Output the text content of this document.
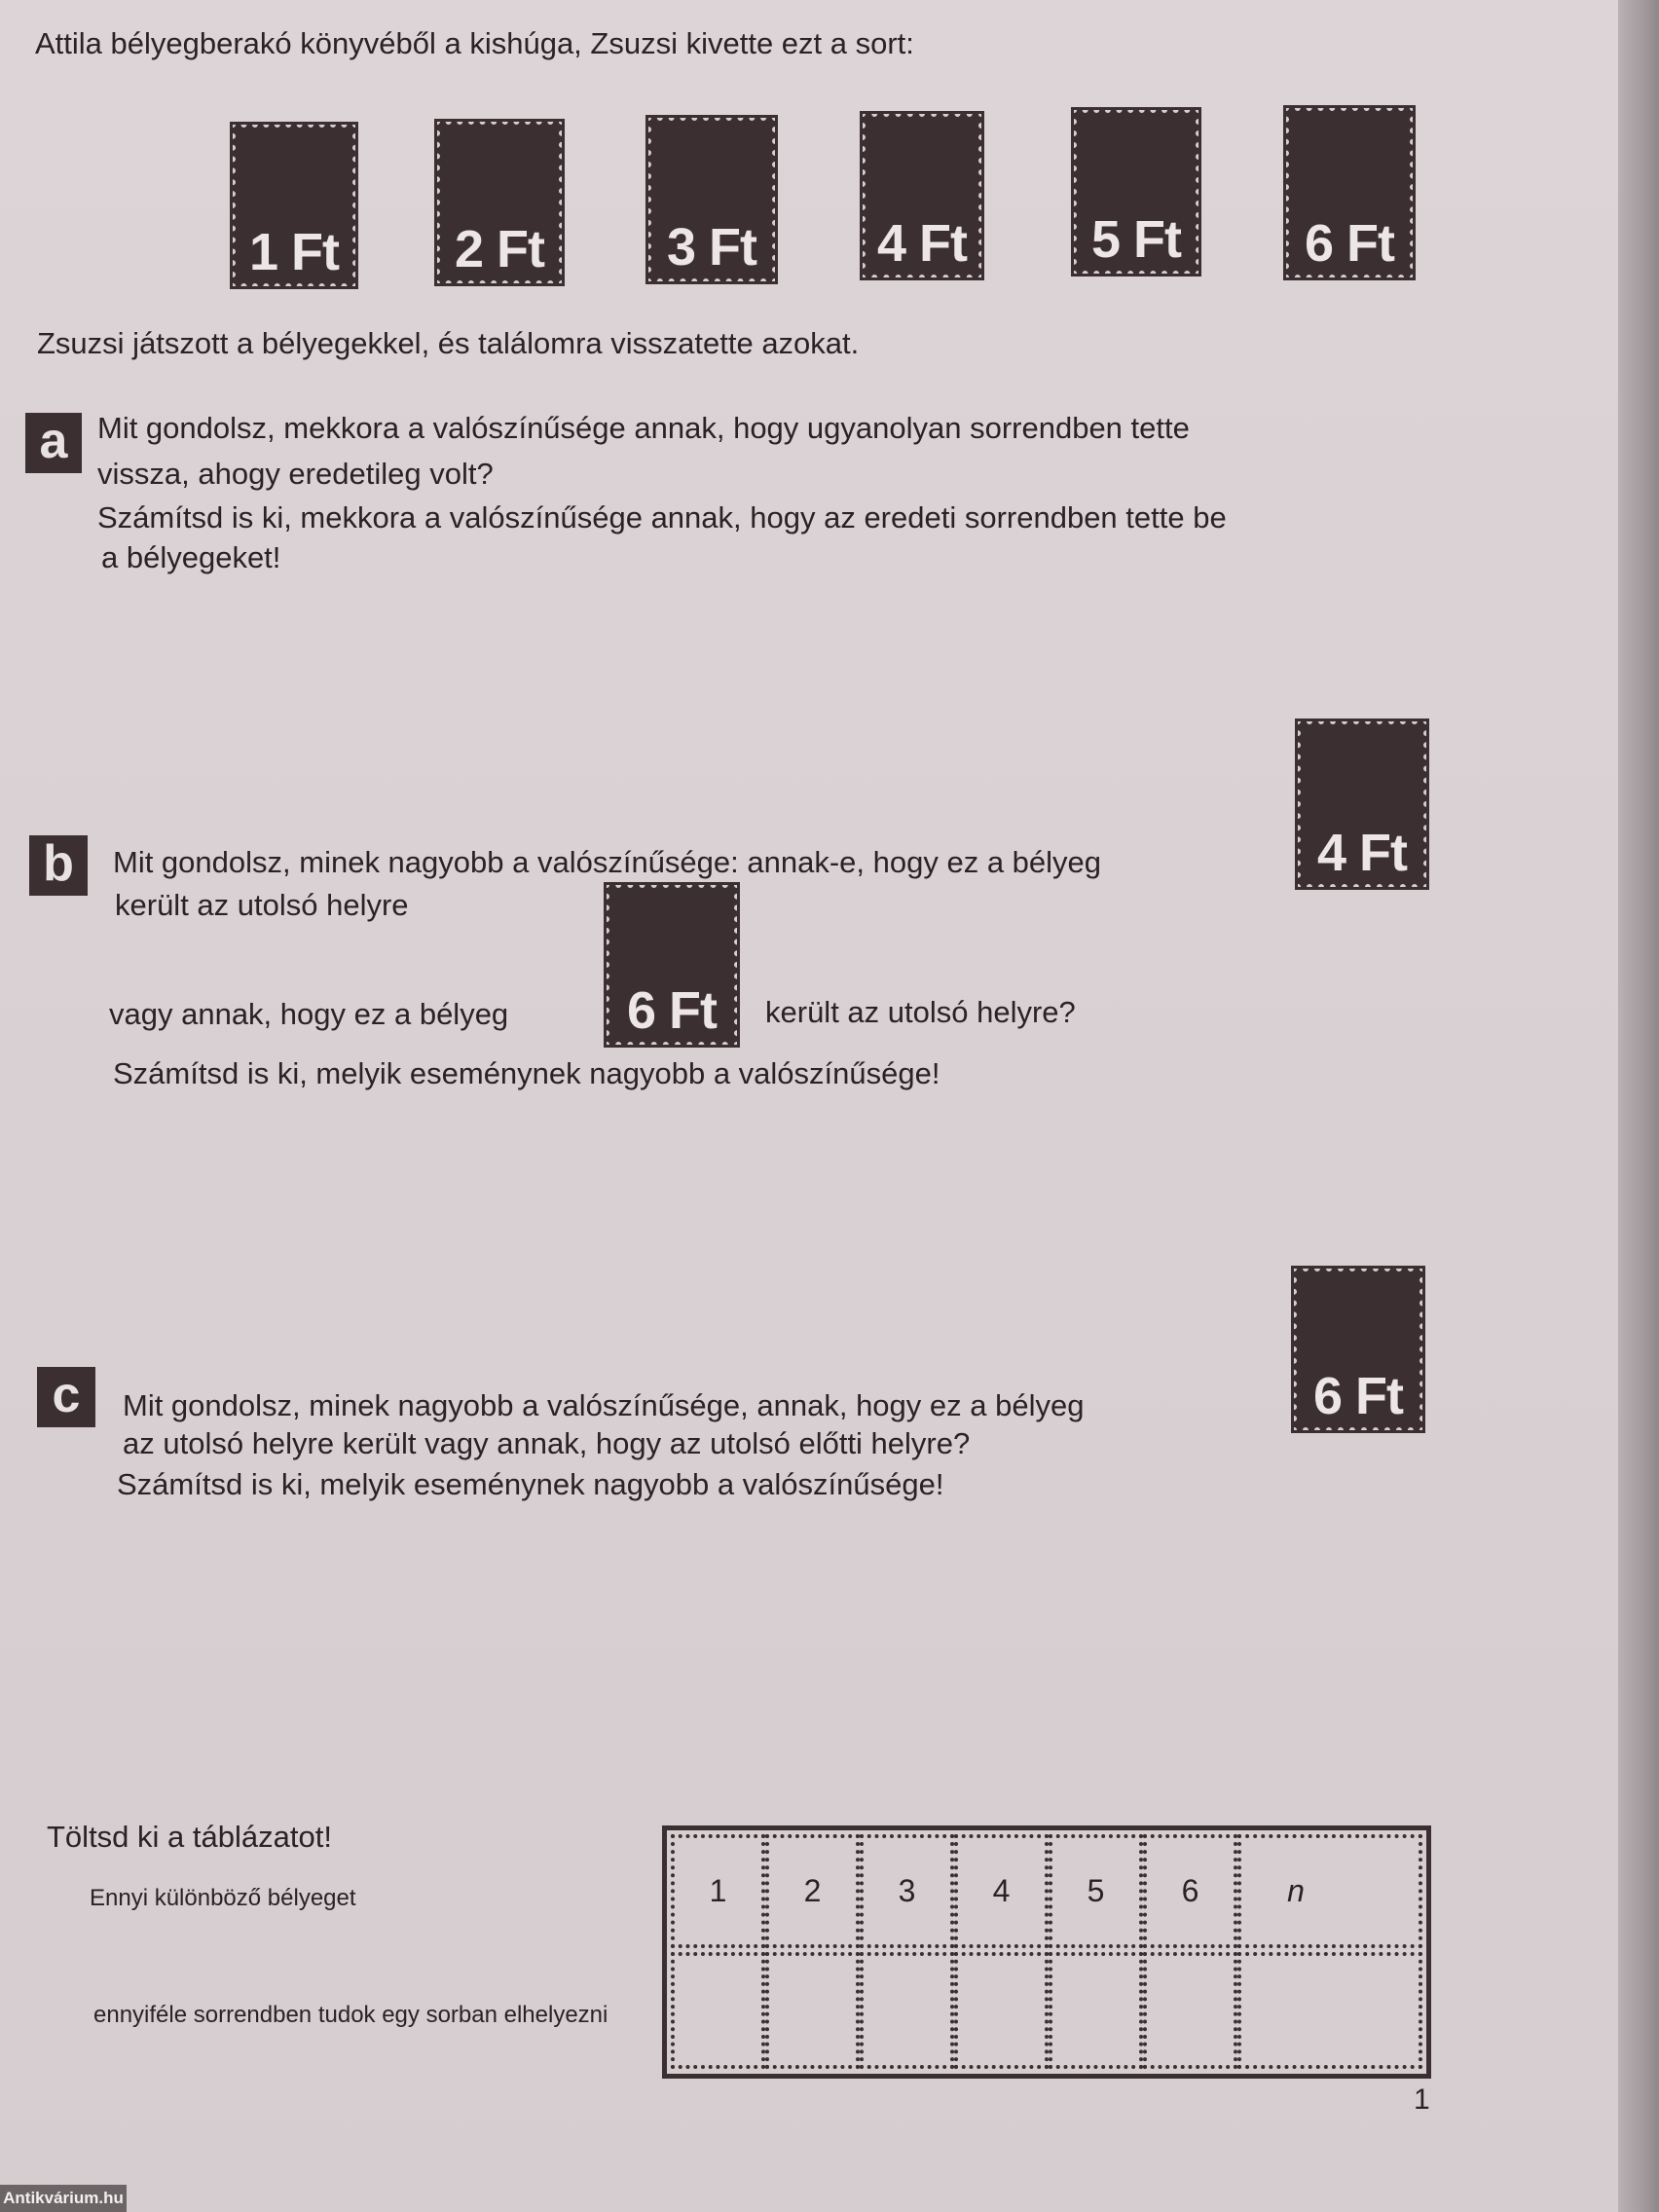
Attila bélyegberakó könyvéből a kishúga, Zsuzsi kivette ezt a sort:
1 Ft 2 Ft 3 Ft 4 Ft 5 Ft 6 Ft
Zsuzsi játszott a bélyegekkel, és találomra visszatette azokat.
a Mit gondolsz, mekkora a valószínűsége annak, hogy ugyanolyan sorrendben tette
vissza, ahogy eredetileg volt?
Számítsd is ki, mekkora a valószínűsége annak, hogy az eredeti sorrendben tette be
a bélyegeket!
b	Mit gondolsz, minek nagyobb a valószínűsége: annak-e, hogy ez a bélyeg	4 Ft
került az utolsó helyre
vagy annak, hogy ez a bélyeg	6 Ft	került az utolsó helyre?
Számítsd is ki, melyik eseménynek nagyobb a valószínűsége!
c	Mit gondolsz, minek nagyobb a valószínűsége, annak, hogy ez a bélyeg	6 Ft
az utolsó helyre került vagy annak, hogy az utolsó előtti helyre?
Számítsd is ki, melyik eseménynek nagyobb a valószínűsége!
Töltsd ki a táblázatot!
Ennyi különböző bélyeget
ennyiféle sorrendben tudok egy sorban elhelyezni
1	2	3	4	5	6	n
1
Antikvárium.hu
